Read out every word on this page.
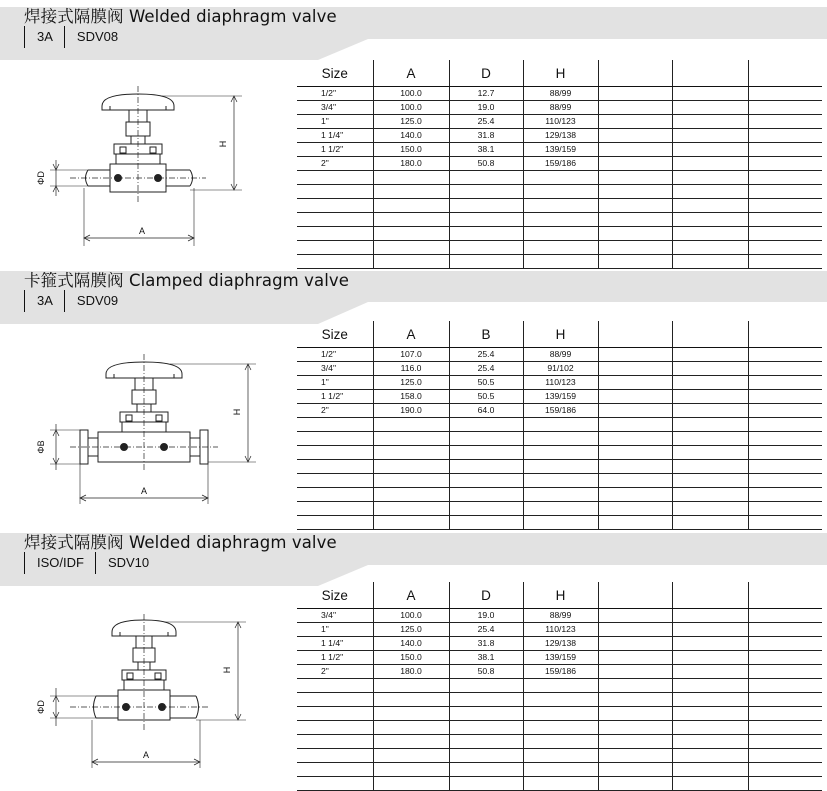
焊接式隔膜阀 Welded diaphragm valve
3A	SDV08
H
A
ΦD
Size	A	D	H			
1/2"	100.0	12.7	88/99			
3/4"	100.0	19.0	88/99			
1"	125.0	25.4	110/123			
1 1/4"	140.0	31.8	129/138			
1 1/2"	150.0	38.1	139/159			
2"	180.0	50.8	159/186			

卡箍式隔膜阀 Clamped diaphragm valve
3A	SDV09
H
A
ΦB
Size	A	B	H			
1/2"	107.0	25.4	88/99			
3/4"	116.0	25.4	91/102			
1"	125.0	50.5	110/123			
1 1/2"	158.0	50.5	139/159			
2"	190.0	64.0	159/186			

焊接式隔膜阀 Welded diaphragm valve
ISO/IDF	SDV10
H
A
ΦD
Size	A	D	H			
3/4"	100.0	19.0	88/99			
1"	125.0	25.4	110/123			
1 1/4"	140.0	31.8	129/138			
1 1/2"	150.0	38.1	139/159			
2"	180.0	50.8	159/186			
